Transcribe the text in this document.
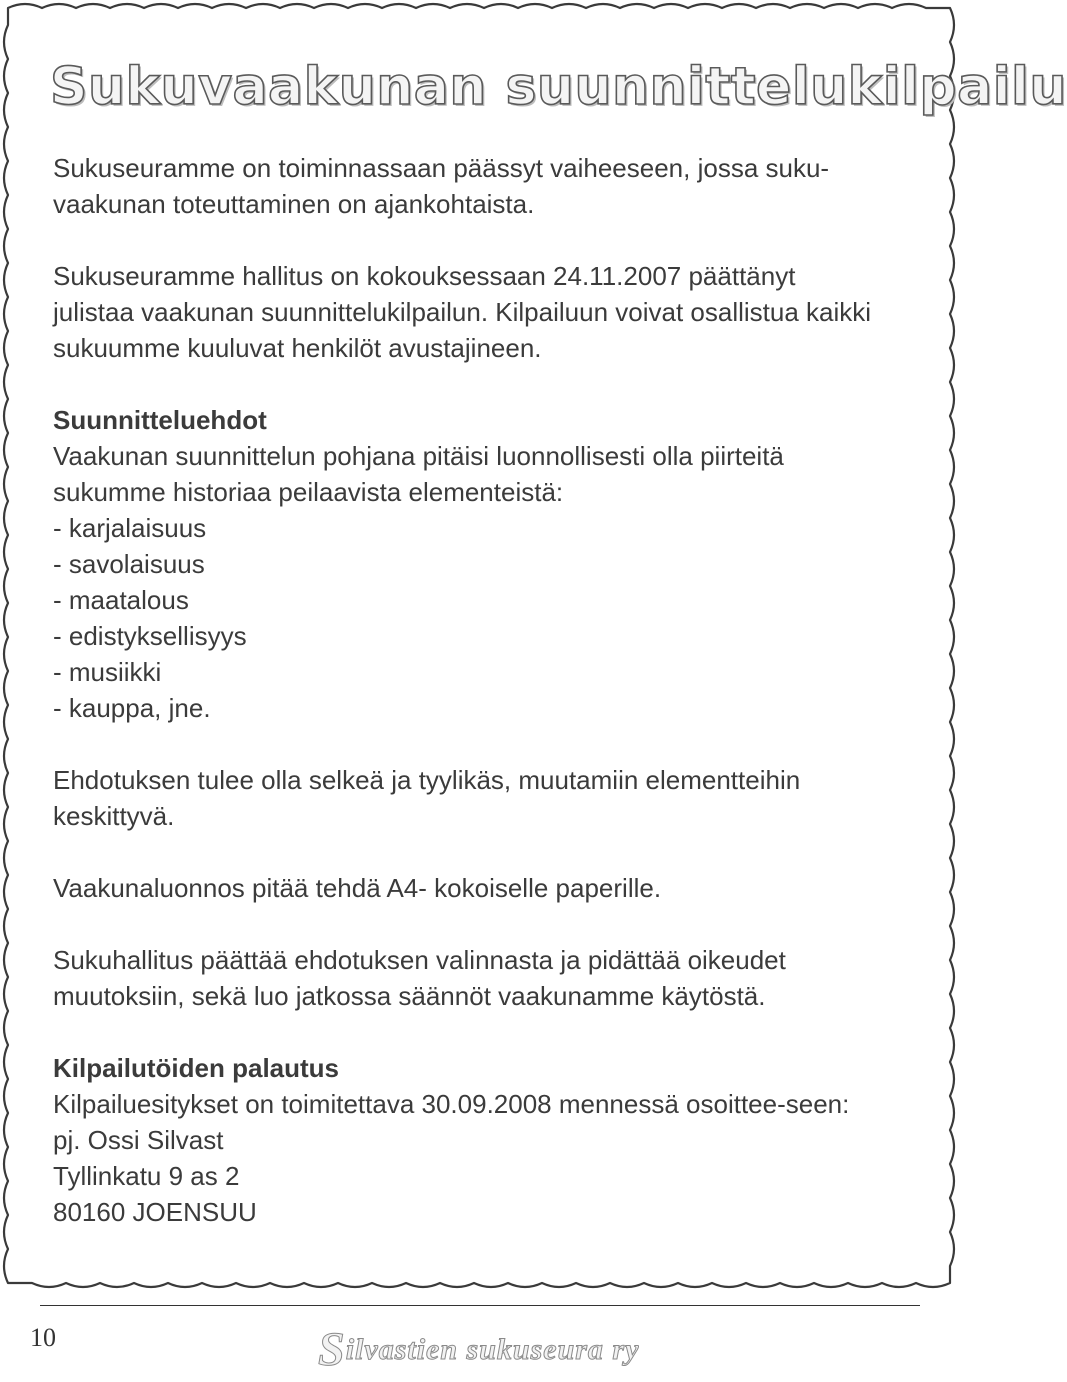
Sukuvaakunan suunnittelukilpailu

Sukuseuramme on toiminnassaan päässyt vaiheeseen, jossa suku-vaakunan toteuttaminen on ajankohtaista.

Sukuseuramme hallitus on kokouksessaan 24.11.2007 päättänyt julistaa vaakunan suunnittelukilpailun. Kilpailuun voivat osallistua kaikki sukuumme kuuluvat henkilöt avustajineen.

Suunnitteluehdot

Vaakunan suunnittelun pohjana pitäisi luonnollisesti olla piirteitä sukumme historiaa peilaavista elementeistä:

- karjalaisuus

- savolaisuus

- maatalous

- edistyksellisyys

- musiikki

- kauppa, jne.

Ehdotuksen tulee olla selkeä ja tyylikäs, muutamiin elementteihin keskittyvä.

Vaakunaluonnos pitää tehdä A4- kokoiselle paperille.

Sukuhallitus päättää ehdotuksen valinnasta ja pidättää oikeudet muutoksiin, sekä luo jatkossa säännöt vaakunamme käytöstä.

Kilpailutöiden palautus

Kilpailuesitykset on toimitettava 30.09.2008 mennessä osoittee-seen:

pj. Ossi Silvast

Tyllinkatu 9 as 2

80160 JOENSUU

10	Silvastien sukuseura ry
